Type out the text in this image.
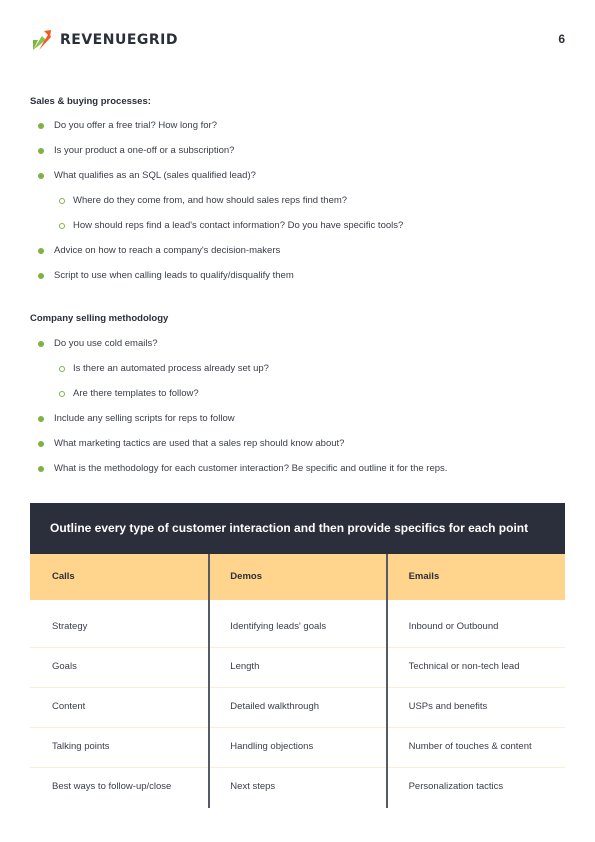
REVENUEGRID	6
Sales & buying processes:
Do you offer a free trial? How long for?
Is your product a one-off or a subscription?
What qualifies as an SQL (sales qualified lead)?
Where do they come from, and how should sales reps find them?
How should reps find a lead's contact information? Do you have specific tools?
Advice on how to reach a company's decision-makers
Script to use when calling leads to qualify/disqualify them
Company selling methodology
Do you use cold emails?
Is there an automated process already set up?
Are there templates to follow?
Include any selling scripts for reps to follow
What marketing tactics are used that a sales rep should know about?
What is the methodology for each customer interaction? Be specific and outline it for the reps.
Outline every type of customer interaction and then provide specifics for each point
Calls	Demos	Emails
Strategy	Identifying leads' goals	Inbound or Outbound
Goals	Length	Technical or non-tech lead
Content	Detailed walkthrough	USPs and benefits
Talking points	Handling objections	Number of touches & content
Best ways to follow-up/close	Next steps	Personalization tactics
